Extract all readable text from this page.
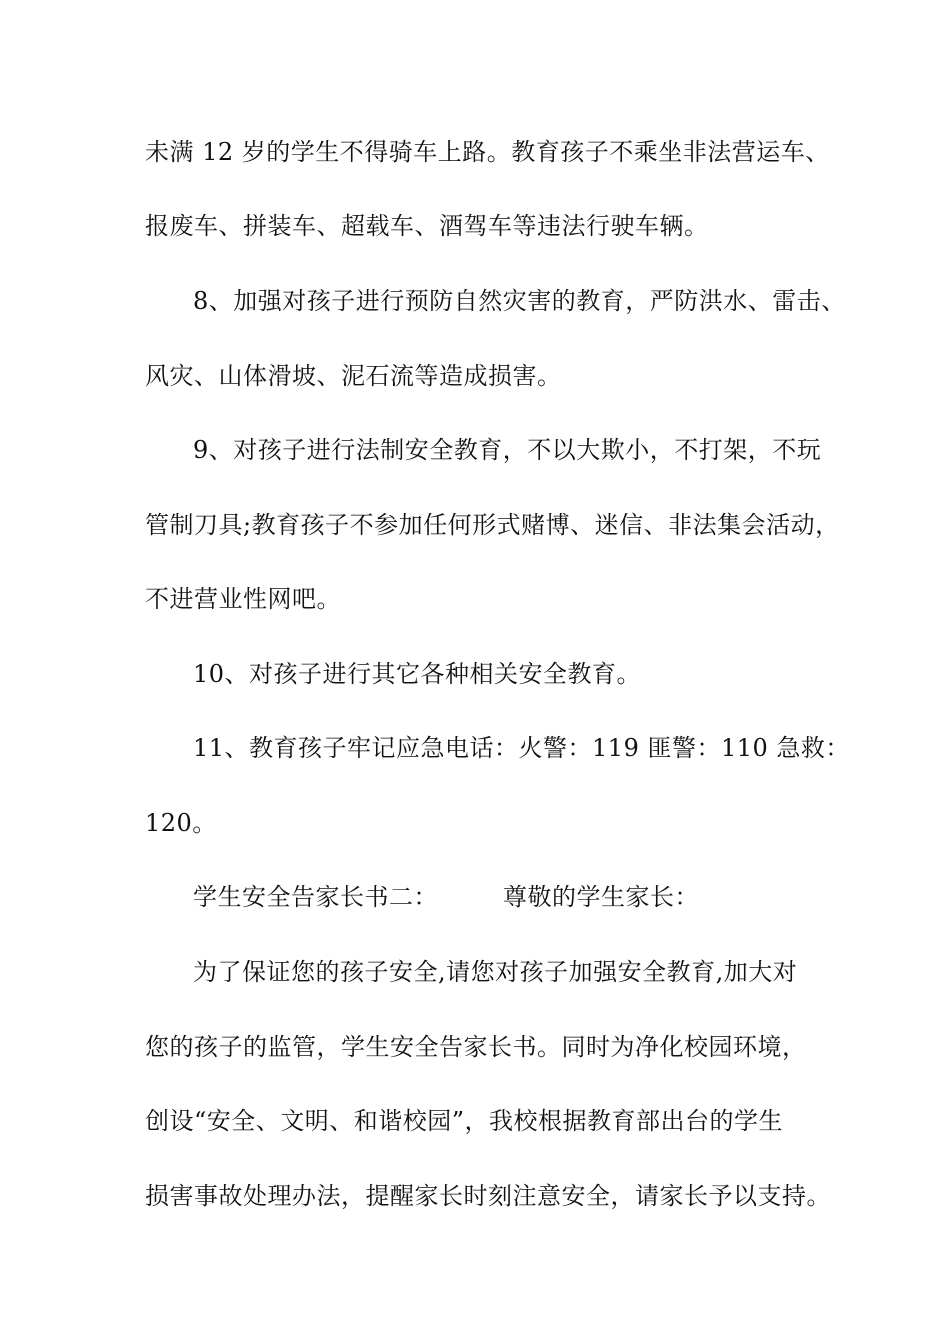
未满 12 岁的学生不得骑车上路。教育孩子不乘坐非法营运车、
报废车、拼装车、超载车、酒驾车等违法行驶车辆。
8、加强对孩子进行预防自然灾害的教育，严防洪水、雷击、
风灾、山体滑坡、泥石流等造成损害。
9、对孩子进行法制安全教育，不以大欺小，不打架，不玩
管制刀具;教育孩子不参加任何形式赌博、迷信、非法集会活动，
不进营业性网吧。
10、对孩子进行其它各种相关安全教育。
11、教育孩子牢记应急电话：火警：119 匪警：110 急救：
120。
学生安全告家长书二：        尊敬的学生家长：
为了保证您的孩子安全,请您对孩子加强安全教育,加大对
您的孩子的监管，学生安全告家长书。同时为净化校园环境，
创设“安全、文明、和谐校园”，我校根据教育部出台的学生
损害事故处理办法，提醒家长时刻注意安全，请家长予以支持。
